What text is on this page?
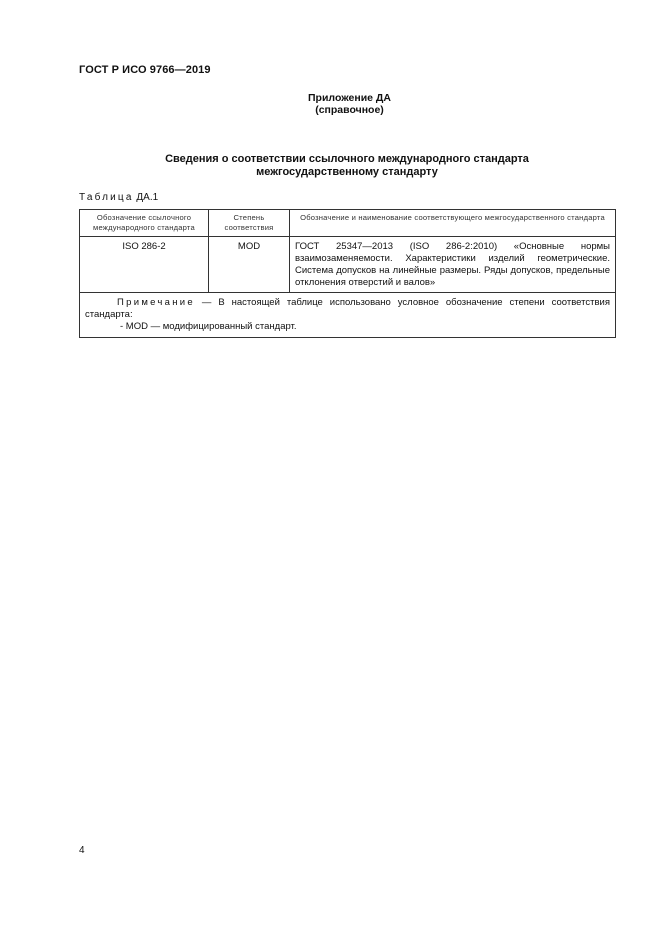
ГОСТ Р ИСО 9766—2019
Приложение ДА
(справочное)
Сведения о соответствии ссылочного международного стандарта
межгосударственному стандарту
Таблица ДА.1
Обозначение ссылочного международного стандарта	Степень соответствия	Обозначение и наименование соответствующего межгосударственного стандарта
ISO 286-2	MOD	ГОСТ 25347—2013 (ISO 286-2:2010) «Основные нормы взаимозаменяемости. Характеристики изделий геометрические. Система допусков на линейные размеры. Ряды допусков, предельные отклонения отверстий и валов»

Примечание — В настоящей таблице использовано условное обозначение степени соответствия стандарта:
- MOD — модифицированный стандарт.		
4
